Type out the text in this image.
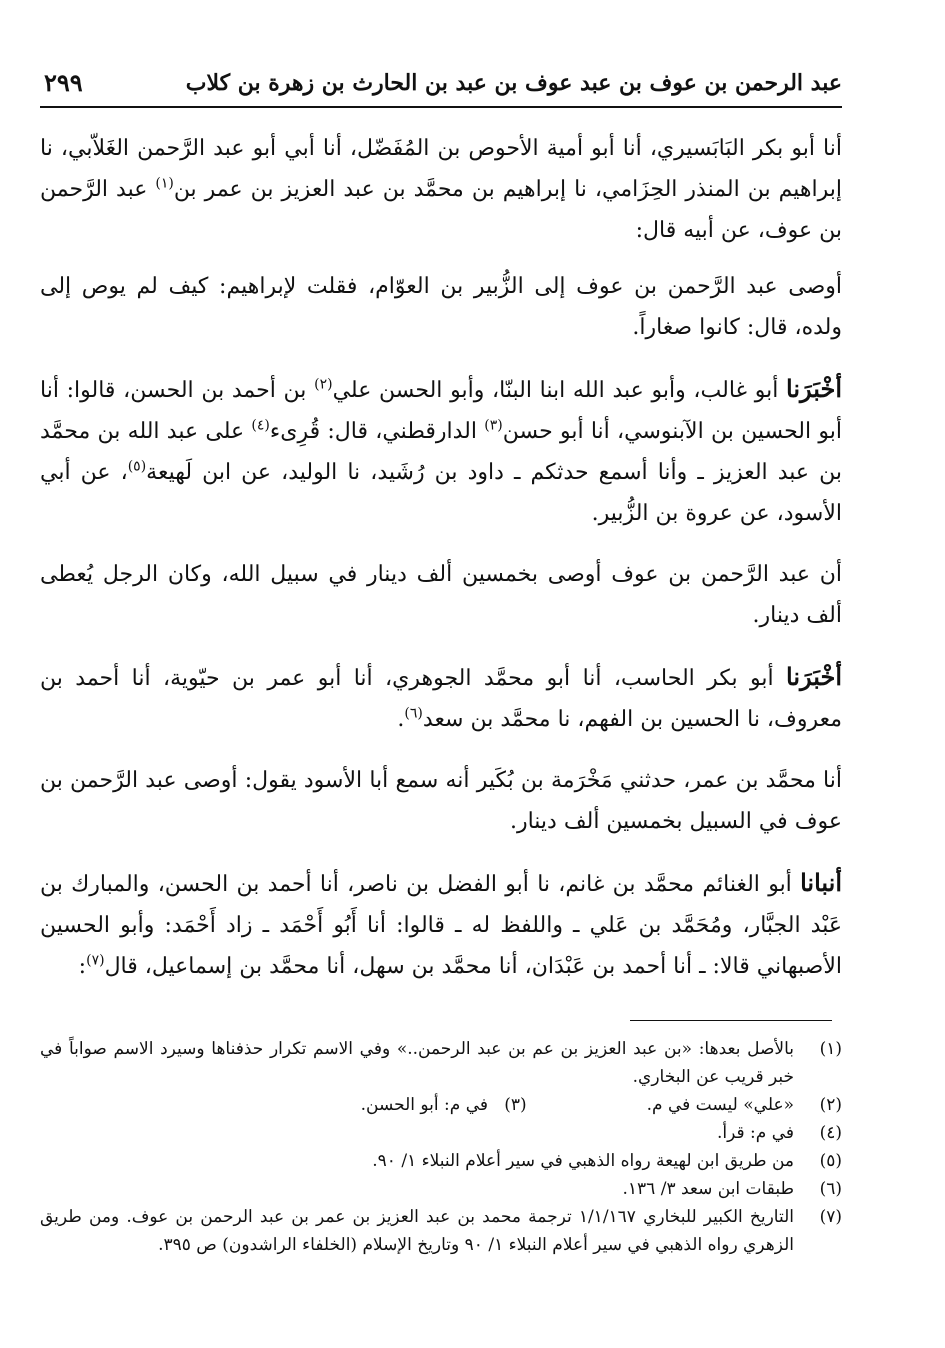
عبد الرحمن بن عوف بن عبد عوف بن عبد بن الحارث بن زهرة بن كلاب
٢٩٩

أنا أبو بكر البَابَسيري، أنا أبو أمية الأحوص بن المُفَضّل، أنا أبي أبو عبد الرَّحمن الغَلاّبي، نا إبراهيم بن المنذر الحِزَامي، نا إبراهيم بن محمَّد بن عبد العزيز بن عمر بن$^{(١)}$ عبد الرَّحمن بن عوف، عن أبيه قال:

أوصى عبد الرَّحمن بن عوف إلى الزُّبير بن العوّام، فقلت لإبراهيم: كيف لم يوص إلى ولده، قال: كانوا صغاراً.

أخْبَرَنا أبو غالب، وأبو عبد الله ابنا البنّا، وأبو الحسن علي$^{(٢)}$ بن أحمد بن الحسن، قالوا: أنا أبو الحسين بن الآبنوسي، أنا أبو حسن$^{(٣)}$ الدارقطني، قال: قُرِىء$^{(٤)}$ على عبد الله بن محمَّد بن عبد العزيز ـ وأنا أسمع حدثكم ـ داود بن رُشَيد، نا الوليد، عن ابن لَهيعة$^{(٥)}$، عن أبي الأسود، عن عروة بن الزُّبير.

أن عبد الرَّحمن بن عوف أوصى بخمسين ألف دينار في سبيل الله، وكان الرجل يُعطى ألف دينار.

أخْبَرَنا أبو بكر الحاسب، أنا أبو محمَّد الجوهري، أنا أبو عمر بن حيّوية، أنا أحمد بن معروف، نا الحسين بن الفهم، نا محمَّد بن سعد$^{(٦)}$.

أنا محمَّد بن عمر، حدثني مَخْرَمة بن بُكَير أنه سمع أبا الأسود يقول: أوصى عبد الرَّحمن بن عوف في السبيل بخمسين ألف دينار.

أنبانا أبو الغنائم محمَّد بن غانم، نا أبو الفضل بن ناصر، أنا أحمد بن الحسن، والمبارك بن عَبْد الجبَّار، ومُحَمَّد بن عَلي ـ واللفظ له ـ قالوا: أنا أَبُو أَحْمَد ـ زاد أَحْمَد: وأبو الحسين الأصبهاني قالا: ـ أنا أحمد بن عَبْدَان، أنا محمَّد بن سهل، أنا محمَّد بن إسماعيل، قال$^{(٧)}$:

(١)
بالأصل بعدها: «بن عبد العزيز بن عم بن عبد الرحمن..» وفي الاسم تكرار حذفناها وسيرد الاسم صواباً في خبر قريب عن البخاري.
(٢)
«علي» ليست في م.
(٣)   في م: أبو الحسن.
(٤)
في م: قرأ.
(٥)
من طريق ابن لهيعة رواه الذهبي في سير أعلام النبلاء ١/ ٩٠.
(٦)
طبقات ابن سعد ٣/ ١٣٦.
(٧)
التاريخ الكبير للبخاري ١/١/١٦٧ ترجمة محمد بن عبد العزيز بن عمر بن عبد الرحمن بن عوف. ومن طريق الزهري رواه الذهبي في سير أعلام النبلاء ١/ ٩٠ وتاريخ الإسلام (الخلفاء الراشدون) ص ٣٩٥.
